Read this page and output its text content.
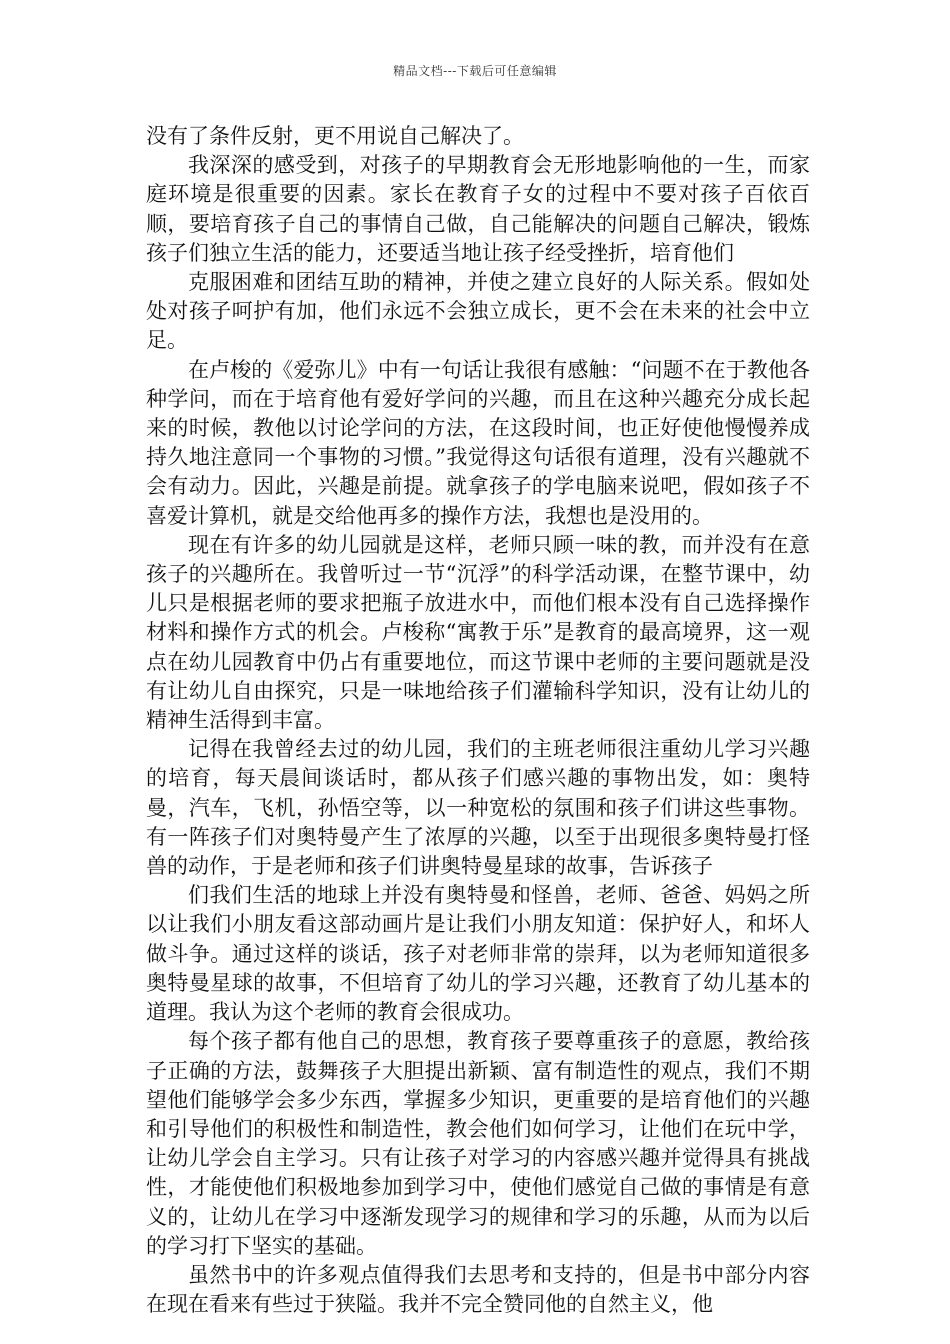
精品文档---下载后可任意编辑

没有了条件反射，更不用说自己解决了。

我深深的感受到，对孩子的早期教育会无形地影响他的一生，而家庭环境是很重要的因素。家长在教育子女的过程中不要对孩子百依百顺，要培育孩子自己的事情自己做，自己能解决的问题自己解决，锻炼孩子们独立生活的能力，还要适当地让孩子经受挫折，培育他们

克服困难和团结互助的精神，并使之建立良好的人际关系。假如处处对孩子呵护有加，他们永远不会独立成长，更不会在未来的社会中立足。

在卢梭的《爱弥儿》中有一句话让我很有感触：“问题不在于教他各种学问，而在于培育他有爱好学问的兴趣，而且在这种兴趣充分成长起来的时候，教他以讨论学问的方法，在这段时间，也正好使他慢慢养成持久地注意同一个事物的习惯。”我觉得这句话很有道理，没有兴趣就不会有动力。因此，兴趣是前提。就拿孩子的学电脑来说吧，假如孩子不喜爱计算机，就是交给他再多的操作方法，我想也是没用的。

现在有许多的幼儿园就是这样，老师只顾一味的教，而并没有在意孩子的兴趣所在。我曾听过一节“沉浮”的科学活动课，在整节课中，幼儿只是根据老师的要求把瓶子放进水中，而他们根本没有自己选择操作材料和操作方式的机会。卢梭称“寓教于乐”是教育的最高境界，这一观点在幼儿园教育中仍占有重要地位，而这节课中老师的主要问题就是没有让幼儿自由探究，只是一味地给孩子们灌输科学知识，没有让幼儿的精神生活得到丰富。

记得在我曾经去过的幼儿园，我们的主班老师很注重幼儿学习兴趣的培育，每天晨间谈话时，都从孩子们感兴趣的事物出发，如：奥特曼，汽车，飞机，孙悟空等，以一种宽松的氛围和孩子们讲这些事物。有一阵孩子们对奥特曼产生了浓厚的兴趣，以至于出现很多奥特曼打怪兽的动作，于是老师和孩子们讲奥特曼星球的故事，告诉孩子

们我们生活的地球上并没有奥特曼和怪兽，老师、爸爸、妈妈之所以让我们小朋友看这部动画片是让我们小朋友知道：保护好人，和坏人做斗争。通过这样的谈话，孩子对老师非常的崇拜，以为老师知道很多奥特曼星球的故事，不但培育了幼儿的学习兴趣，还教育了幼儿基本的道理。我认为这个老师的教育会很成功。

每个孩子都有他自己的思想，教育孩子要尊重孩子的意愿，教给孩子正确的方法，鼓舞孩子大胆提出新颖、富有制造性的观点，我们不期望他们能够学会多少东西，掌握多少知识，更重要的是培育他们的兴趣和引导他们的积极性和制造性，教会他们如何学习，让他们在玩中学，让幼儿学会自主学习。只有让孩子对学习的内容感兴趣并觉得具有挑战性，才能使他们积极地参加到学习中，使他们感觉自己做的事情是有意义的，让幼儿在学习中逐渐发现学习的规律和学习的乐趣，从而为以后的学习打下坚实的基础。

虽然书中的许多观点值得我们去思考和支持的，但是书中部分内容在现在看来有些过于狭隘。我并不完全赞同他的自然主义，他
